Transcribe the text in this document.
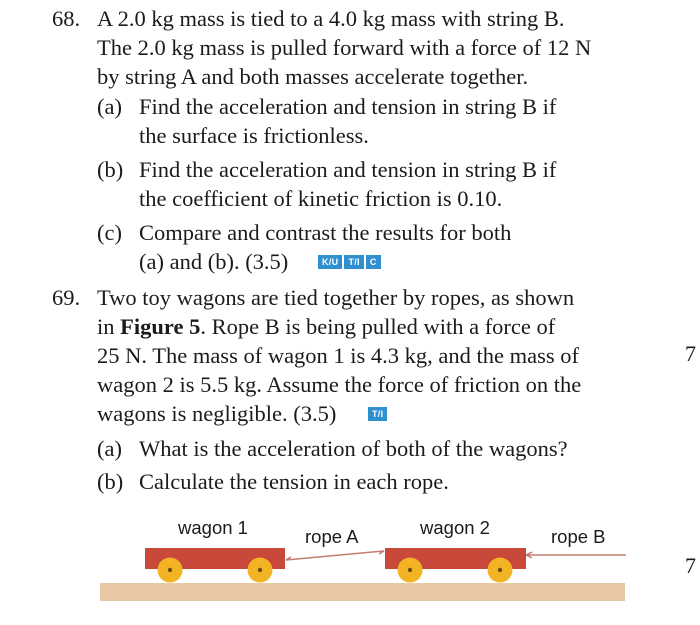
68. A 2.0 kg mass is tied to a 4.0 kg mass with string B.
The 2.0 kg mass is pulled forward with a force of 12 N
by string A and both masses accelerate together.
(a) Find the acceleration and tension in string B if
the surface is frictionless.
(b) Find the acceleration and tension in string B if
the coefficient of kinetic friction is 0.10.
(c) Compare and contrast the results for both
(a) and (b). (3.5)	K/U	T/I	C
69. Two toy wagons are tied together by ropes, as shown
in Figure 5. Rope B is being pulled with a force of
25 N. The mass of wagon 1 is 4.3 kg, and the mass of
wagon 2 is 5.5 kg. Assume the force of friction on the
wagons is negligible. (3.5)	T/I
(a) What is the acceleration of both of the wagons?
(b) Calculate the tension in each rope.
7
7
wagon 1	rope A	wagon 2	rope B
